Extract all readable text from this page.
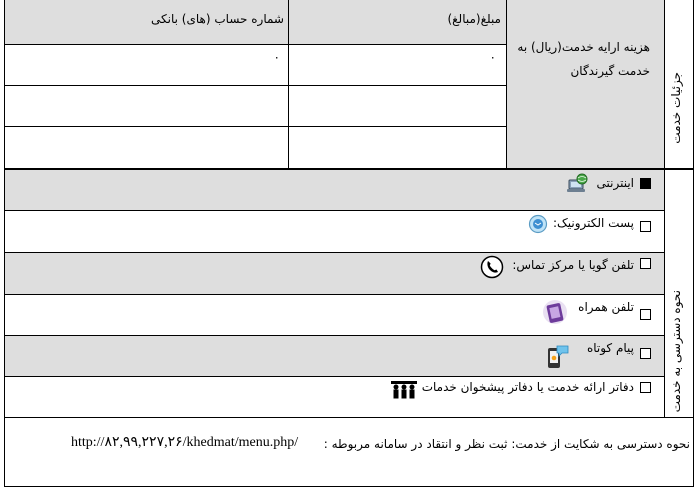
مبلغ(مبالغ)
شماره حساب (های) بانکی
هزینه ارایه خدمت(ریال) به
خدمت گیرندگان
۰
۰
جزئیات خدمت
نحوه دسترسی به خدمت
اینترنتی
پست الکترونیک:
تلفن گویا یا مرکز تماس:
تلفن همراه
پیام کوتاه
دفاتر ارائه خدمت یا دفاتر پیشخوان خدمات
نحوه دسترسی به شکایت از خدمت: ثبت نظر و انتقاد در سامانه مربوطه :
http://۸۲,۹۹,۲۲۷,۲۶/khedmat/menu.php/
